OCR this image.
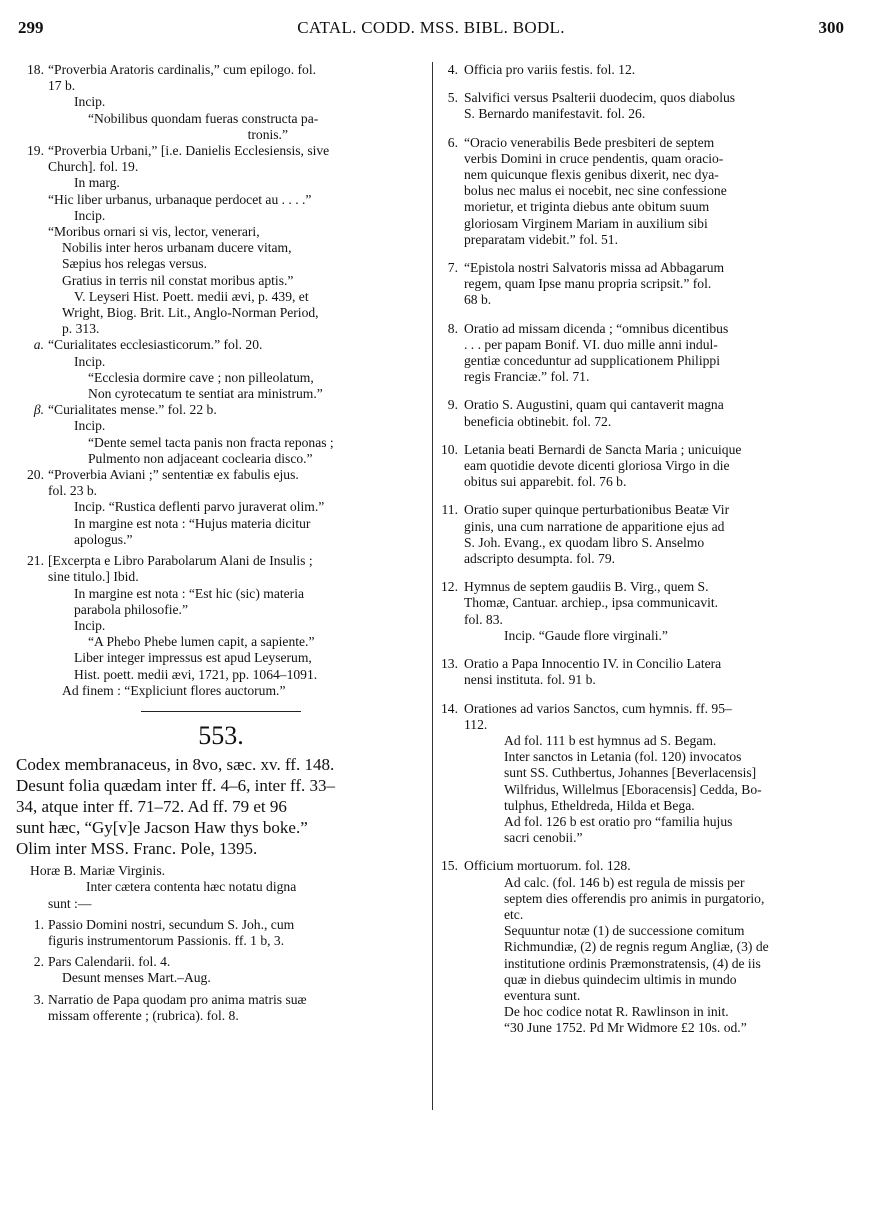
299	CATAL. CODD. MSS. BIBL. BODL.	300
18. “Proverbia Aratoris cardinalis,” cum epilogo. fol.

17 b.

Incip.

“Nobilibus quondam fueras constructa pa-

tronis.”

19. “Proverbia Urbani,” [i.e. Danielis Ecclesiensis, sive

Church]. fol. 19.

In marg.

“Hic liber urbanus, urbanaque perdocet au . . . .”

Incip.

“Moribus ornari si vis, lector, venerari,

Nobilis inter heros urbanam ducere vitam,

Sæpius hos relegas versus.

Gratius in terris nil constat moribus aptis.”

V. Leyseri Hist. Poett. medii ævi, p. 439, et

Wright, Biog. Brit. Lit., Anglo-Norman Period,

p. 313.

a. “Curialitates ecclesiasticorum.” fol. 20.

Incip.

“Ecclesia dormire cave ; non pilleolatum,

Non cyrotecatum te sentiat ara ministrum.”

β. “Curialitates mense.” fol. 22 b.

Incip.

“Dente semel tacta panis non fracta reponas ;

Pulmento non adjaceant coclearia disco.”

20. “Proverbia Aviani ;” sententiæ ex fabulis ejus.

fol. 23 b.

Incip. “Rustica deflenti parvo juraverat olim.”

In margine est nota : “Hujus materia dicitur

apologus.”

21. [Excerpta e Libro Parabolarum Alani de Insulis ;

sine titulo.] Ibid.

In margine est nota : “Est hic (sic) materia

parabola philosofie.”

Incip.

“A Phebo Phebe lumen capit, a sapiente.”

Liber integer impressus est apud Leyserum,

Hist. poett. medii ævi, 1721, pp. 1064–1091.

Ad finem : “Expliciunt flores auctorum.”

553.

Codex membranaceus, in 8vo, sæc. xv. ff. 148.

Desunt folia quædam inter ff. 4–6, inter ff. 33–

34, atque inter ff. 71–72. Ad ff. 79 et 96

sunt hæc, “Gy[v]e Jacson Haw thys boke.”

Olim inter MSS. Franc. Pole, 1395.

Horæ B. Mariæ Virginis.

Inter cætera contenta hæc notatu digna

sunt :—

1. Passio Domini nostri, secundum S. Joh., cum

figuris instrumentorum Passionis. ff. 1 b, 3.

2. Pars Calendarii. fol. 4.

Desunt menses Mart.–Aug.

3. Narratio de Papa quodam pro anima matris suæ

missam offerente ; (rubrica). fol. 8.

4. Officia pro variis festis. fol. 12.

5. Salvifici versus Psalterii duodecim, quos diabolus

S. Bernardo manifestavit. fol. 26.

6. “Oracio venerabilis Bede presbiteri de septem

verbis Domini in cruce pendentis, quam oracio-

nem quicunque flexis genibus dixerit, nec dya-

bolus nec malus ei nocebit, nec sine confessione

morietur, et triginta diebus ante obitum suum

gloriosam Virginem Mariam in auxilium sibi

preparatam videbit.” fol. 51.

7. “Epistola nostri Salvatoris missa ad Abbagarum

regem, quam Ipse manu propria scripsit.” fol.

68 b.

8. Oratio ad missam dicenda ; “omnibus dicentibus

. . . per papam Bonif. VI. duo mille anni indul-

gentiæ conceduntur ad supplicationem Philippi

regis Franciæ.” fol. 71.

9. Oratio S. Augustini, quam qui cantaverit magna

beneficia obtinebit. fol. 72.

10. Letania beati Bernardi de Sancta Maria ; unicuique

eam quotidie devote dicenti gloriosa Virgo in die

obitus sui apparebit. fol. 76 b.

11. Oratio super quinque perturbationibus Beatæ Vir

ginis, una cum narratione de apparitione ejus ad

S. Joh. Evang., ex quodam libro S. Anselmo

adscripto desumpta. fol. 79.

12. Hymnus de septem gaudiis B. Virg., quem S.

Thomæ, Cantuar. archiep., ipsa communicavit.

fol. 83.

Incip. “Gaude flore virginali.”

13. Oratio a Papa Innocentio IV. in Concilio Latera

nensi instituta. fol. 91 b.

14. Orationes ad varios Sanctos, cum hymnis. ff. 95–

112.

Ad fol. 111 b est hymnus ad S. Begam.

Inter sanctos in Letania (fol. 120) invocatos

sunt SS. Cuthbertus, Johannes [Beverlacensis]

Wilfridus, Willelmus [Eboracensis] Cedda, Bo-

tulphus, Etheldreda, Hilda et Bega.

Ad fol. 126 b est oratio pro “familia hujus

sacri cenobii.”

15. Officium mortuorum. fol. 128.

Ad calc. (fol. 146 b) est regula de missis per

septem dies offerendis pro animis in purgatorio,

etc.

Sequuntur notæ (1) de successione comitum

Richmundiæ, (2) de regnis regum Angliæ, (3) de

institutione ordinis Præmonstratensis, (4) de iis

quæ in diebus quindecim ultimis in mundo

eventura sunt.

De hoc codice notat R. Rawlinson in init.

“30 June 1752. Pd Mr Widmore £2 10s. od.”
